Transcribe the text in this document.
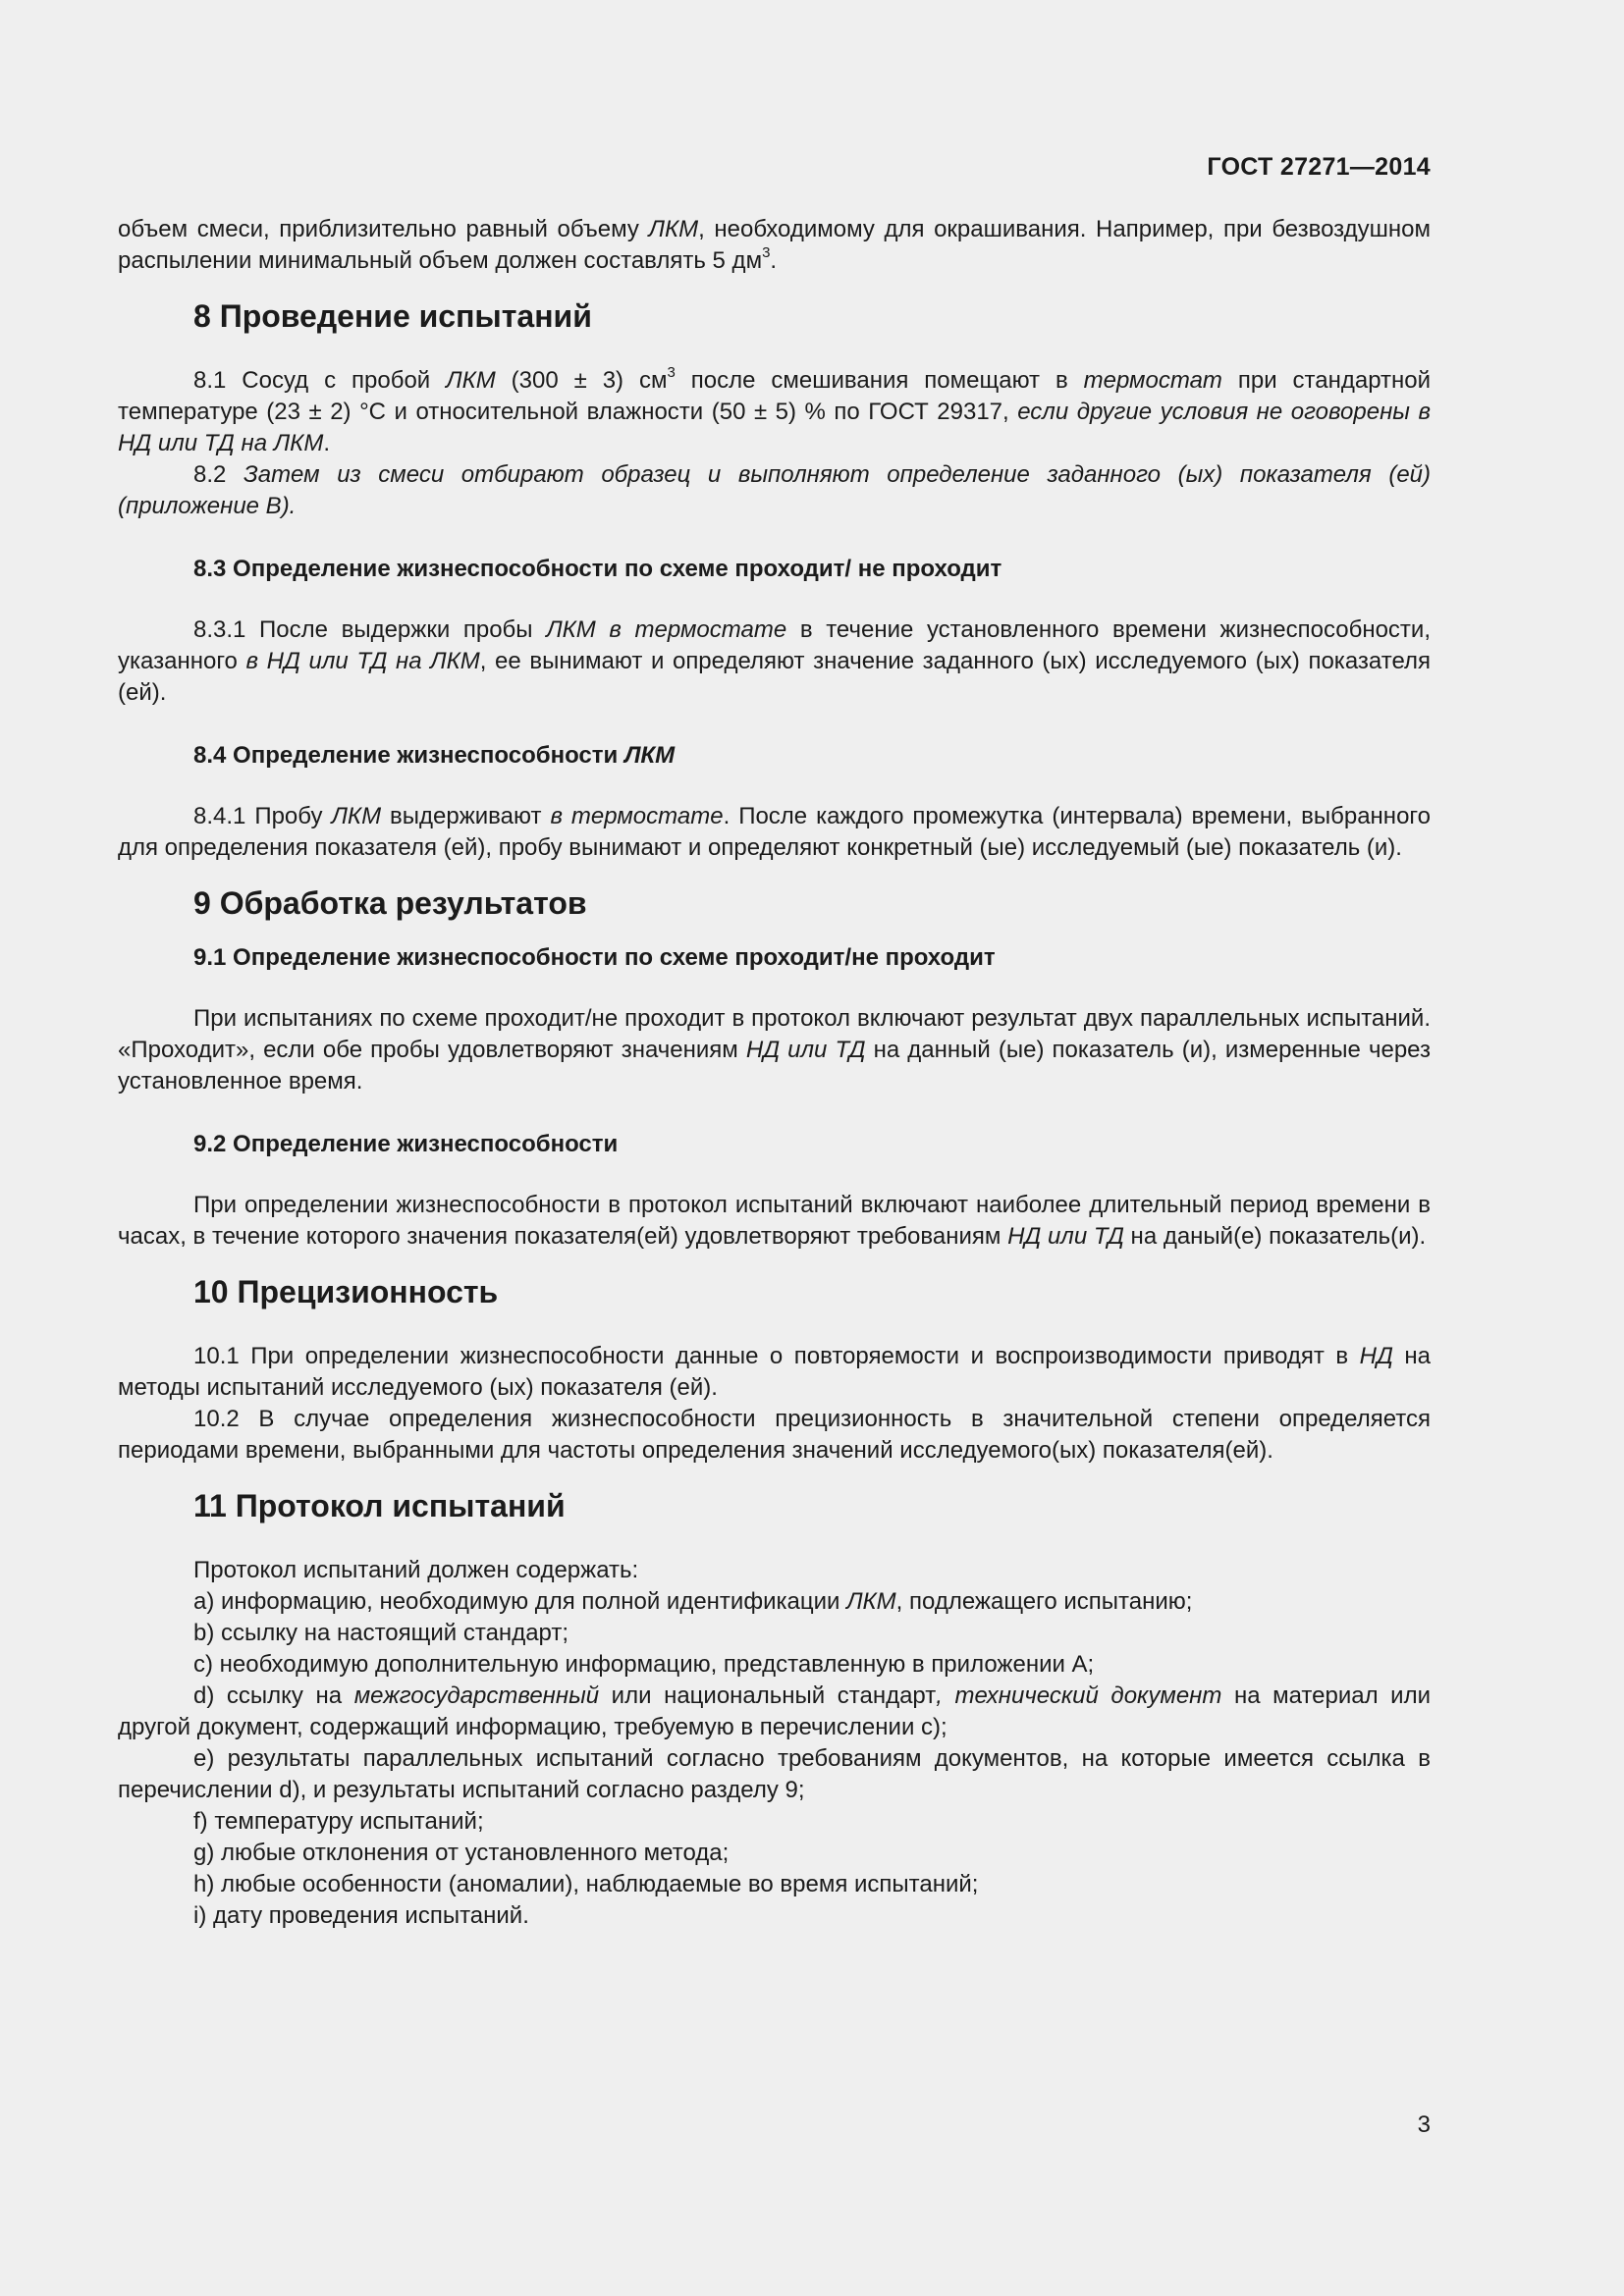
ГОСТ 27271—2014

объем смеси, приблизительно равный объему ЛКМ, необходимому для окрашивания. Например, при безвоздушном распылении минимальный объем должен составлять 5 $дм^3$.

8 Проведение испытаний

8.1 Сосуд с пробой ЛКМ (300 ± 3) $см^3$ после смешивания помещают в термостат при стандартной температуре (23 ± 2) °С и относительной влажности (50 ± 5) % по ГОСТ 29317, если другие условия не оговорены в НД или ТД на ЛКМ.

8.2 Затем из смеси отбирают образец и выполняют определение заданного (ых) показателя (ей) (приложение В).

8.3 Определение жизнеспособности по схеме проходит/ не проходит

8.3.1 После выдержки пробы ЛКМ в термостате в течение установленного времени жизнеспособности, указанного в НД или ТД на ЛКМ, ее вынимают и определяют значение заданного (ых) исследуемого (ых) показателя (ей).

8.4 Определение жизнеспособности ЛКМ

8.4.1 Пробу ЛКМ выдерживают в термостате. После каждого промежутка (интервала) времени, выбранного для определения показателя (ей), пробу вынимают и определяют конкретный (ые) исследуемый (ые) показатель (и).

9 Обработка результатов
9.1 Определение жизнеспособности по схеме проходит/не проходит

При испытаниях по схеме проходит/не проходит в протокол включают результат двух параллельных испытаний. «Проходит», если обе пробы удовлетворяют значениям НД или ТД на данный (ые) показатель (и), измеренные через установленное время.

9.2 Определение жизнеспособности

При определении жизнеспособности в протокол испытаний включают наиболее длительный период времени в часах, в течение которого значения показателя(ей) удовлетворяют требованиям НД или ТД на даный(е) показатель(и).

10 Прецизионность

10.1 При определении жизнеспособности данные о повторяемости и воспроизводимости приводят в НД на методы испытаний исследуемого (ых) показателя (ей).

10.2 В случае определения жизнеспособности прецизионность в значительной степени определяется периодами времени, выбранными для частоты определения значений исследуемого(ых) показателя(ей).

11 Протокол испытаний

Протокол испытаний должен содержать:

a) информацию, необходимую для полной идентификации ЛКМ, подлежащего испытанию;

b) ссылку на настоящий стандарт;

c) необходимую дополнительную информацию, представленную в приложении А;

d) ссылку на межгосударственный или национальный стандарт, технический документ на материал или другой документ, содержащий информацию, требуемую в перечислении c);

e) результаты параллельных испытаний согласно требованиям документов, на которые имеется ссылка в перечислении d), и результаты испытаний согласно разделу 9;

f) температуру испытаний;

g) любые отклонения от установленного метода;

h) любые особенности (аномалии), наблюдаемые во время испытаний;

i) дату проведения испытаний.

3
